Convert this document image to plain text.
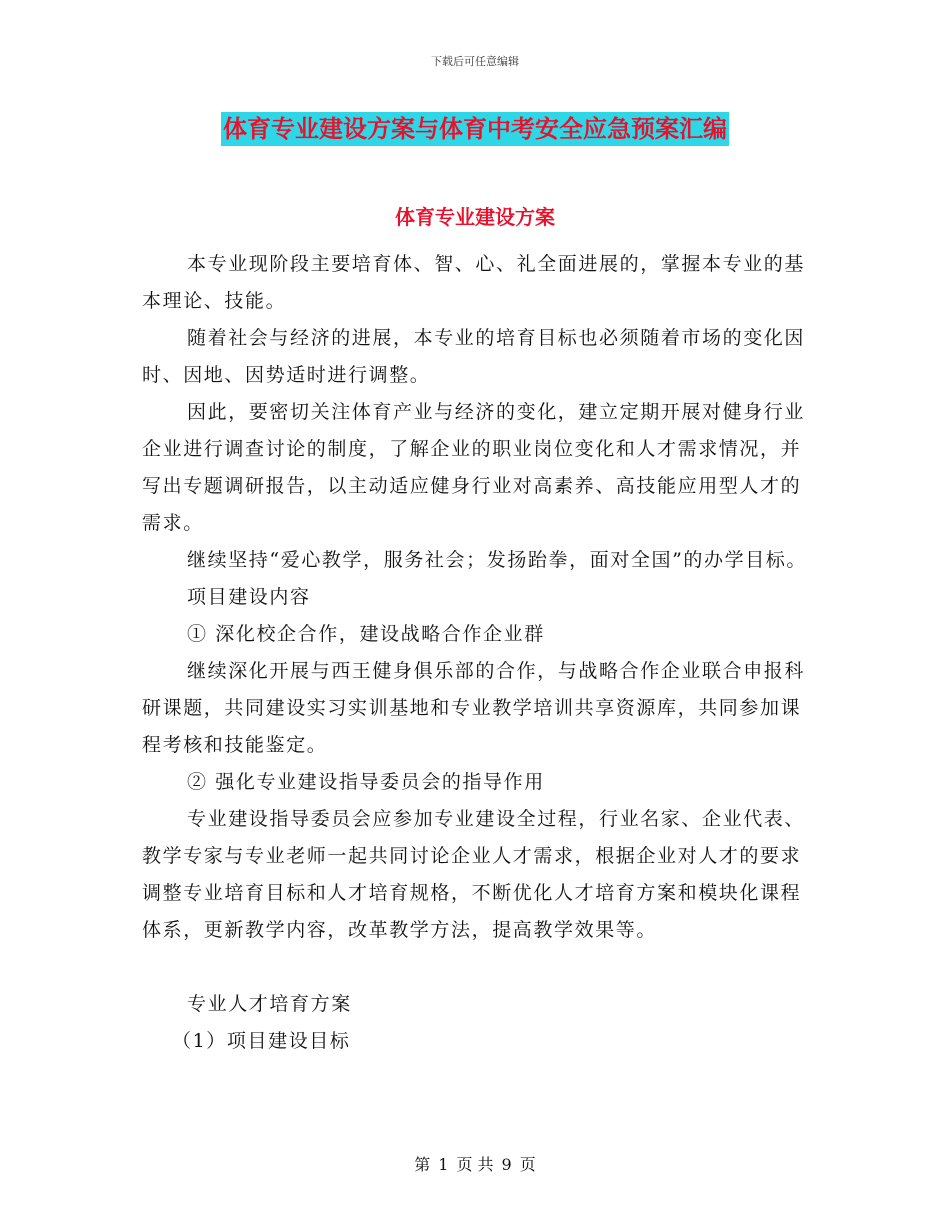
下载后可任意编辑
体育专业建设方案与体育中考安全应急预案汇编
体育专业建设方案

本专业现阶段主要培育体、智、心、礼全面进展的，掌握本专业的基本理论、技能。

随着社会与经济的进展，本专业的培育目标也必须随着市场的变化因时、因地、因势适时进行调整。

因此，要密切关注体育产业与经济的变化，建立定期开展对健身行业企业进行调查讨论的制度，了解企业的职业岗位变化和人才需求情况，并写出专题调研报告，以主动适应健身行业对高素养、高技能应用型人才的需求。

继续坚持“爱心教学，服务社会；发扬跆拳，面对全国”的办学目标。

项目建设内容

① 深化校企合作，建设战略合作企业群

继续深化开展与西王健身俱乐部的合作，与战略合作企业联合申报科研课题，共同建设实习实训基地和专业教学培训共享资源库，共同参加课程考核和技能鉴定。

② 强化专业建设指导委员会的指导作用

专业建设指导委员会应参加专业建设全过程，行业名家、企业代表、教学专家与专业老师一起共同讨论企业人才需求，根据企业对人才的要求调整专业培育目标和人才培育规格，不断优化人才培育方案和模块化课程体系，更新教学内容，改革教学方法，提高教学效果等。

专业人才培育方案

（1）项目建设目标

第 1 页 共 9 页
